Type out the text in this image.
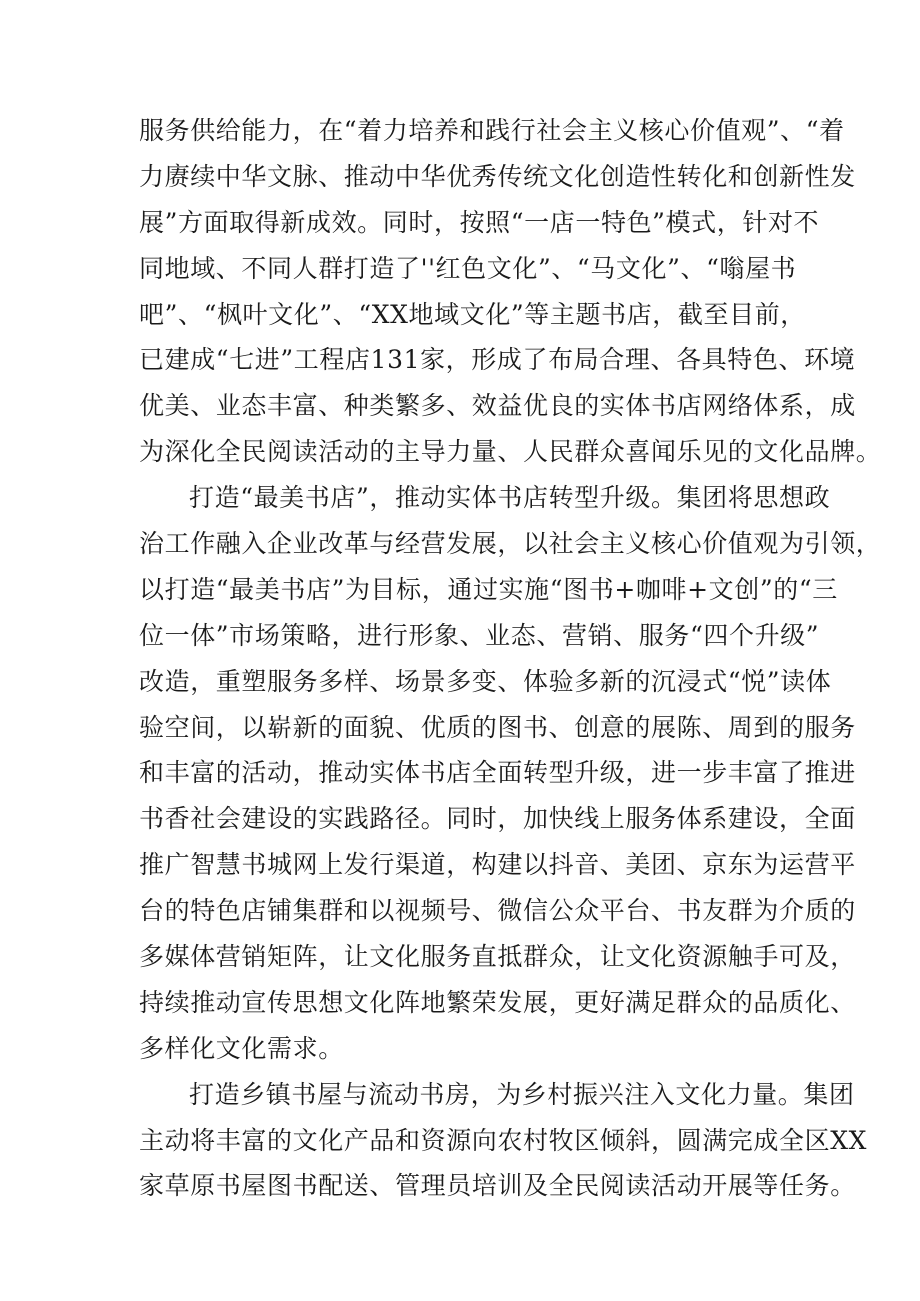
服务供给能力，在“着力培养和践行社会主义核心价值观”、“着
力赓续中华文脉、推动中华优秀传统文化创造性转化和创新性发
展”方面取得新成效。同时，按照“一店一特色”模式，针对不
同地域、不同人群打造了''红色文化”、“马文化”、“嗡屋书
吧”、“枫叶文化”、“XX地域文化”等主题书店，截至目前，
已建成“七进”工程店131家，形成了布局合理、各具特色、环境
优美、业态丰富、种类繁多、效益优良的实体书店网络体系，成
为深化全民阅读活动的主导力量、人民群众喜闻乐见的文化品牌。
打造“最美书店”，推动实体书店转型升级。集团将思想政
治工作融入企业改革与经营发展，以社会主义核心价值观为引领，
以打造“最美书店”为目标，通过实施“图书+咖啡+文创”的“三
位一体”市场策略，进行形象、业态、营销、服务“四个升级”
改造，重塑服务多样、场景多变、体验多新的沉浸式“悦”读体
验空间，以崭新的面貌、优质的图书、创意的展陈、周到的服务
和丰富的活动，推动实体书店全面转型升级，进一步丰富了推进
书香社会建设的实践路径。同时，加快线上服务体系建设，全面
推广智慧书城网上发行渠道，构建以抖音、美团、京东为运营平
台的特色店铺集群和以视频号、微信公众平台、书友群为介质的
多媒体营销矩阵，让文化服务直抵群众，让文化资源触手可及，
持续推动宣传思想文化阵地繁荣发展，更好满足群众的品质化、
多样化文化需求。
打造乡镇书屋与流动书房，为乡村振兴注入文化力量。集团
主动将丰富的文化产品和资源向农村牧区倾斜，圆满完成全区XX
家草原书屋图书配送、管理员培训及全民阅读活动开展等任务。
